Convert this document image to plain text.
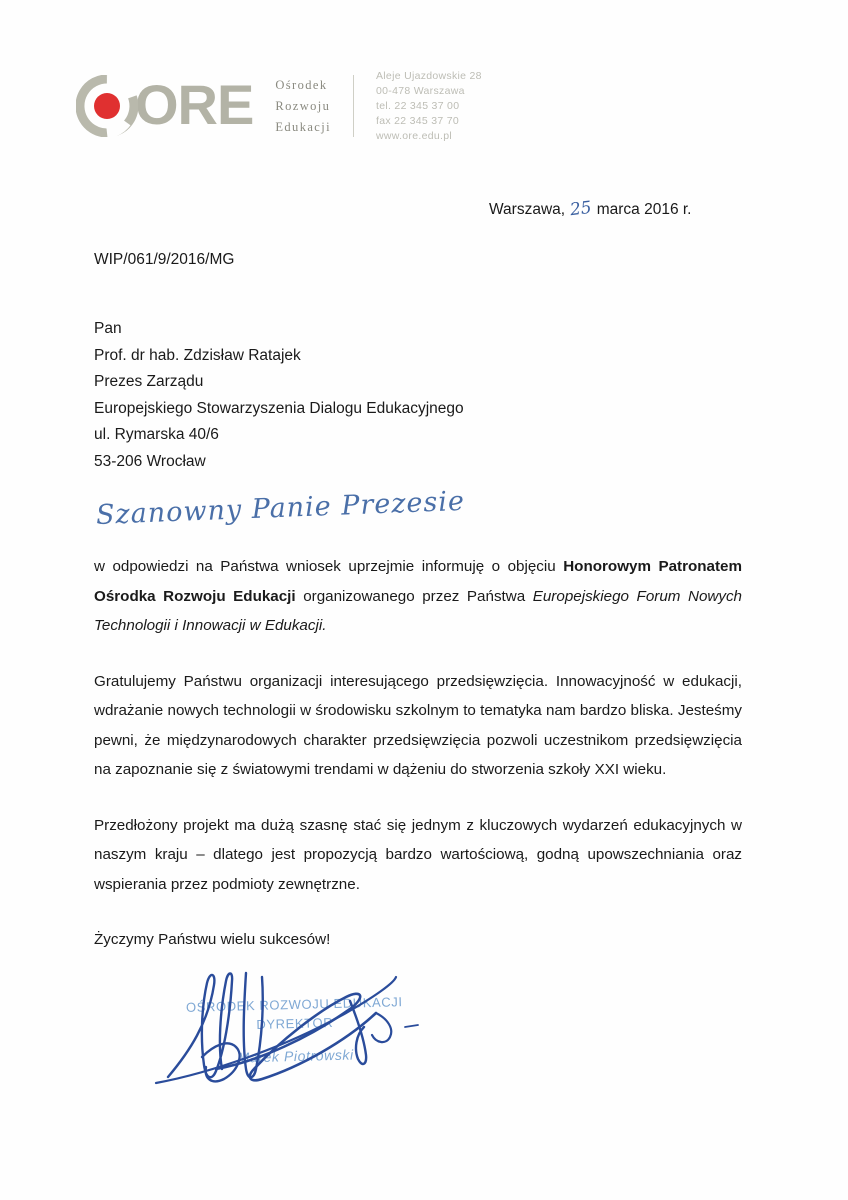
ORE Ośrodek
Rozwoju
Edukacji
Aleje Ujazdowskie 28
00-478 Warszawa
tel. 22 345 37 00
fax 22 345 37 70
www.ore.edu.pl
Warszawa, 25 marca 2016 r.
WIP/061/9/2016/MG
Pan
Prof. dr hab. Zdzisław Ratajek
Prezes Zarządu
Europejskiego Stowarzyszenia Dialogu Edukacyjnego
ul. Rymarska 40/6
53-206 Wrocław
Szanowny Panie Prezesie

w odpowiedzi na Państwa wniosek uprzejmie informuję o objęciu Honorowym Patronatem Ośrodka Rozwoju Edukacji organizowanego przez Państwa Europejskiego Forum Nowych Technologii i Innowacji w Edukacji.

Gratulujemy Państwu organizacji interesującego przedsięwzięcia. Innowacyjność w edukacji, wdrażanie nowych technologii w środowisku szkolnym to tematyka nam bardzo bliska. Jesteśmy pewni, że międzynarodowych charakter przedsięwzięcia pozwoli uczestnikom przedsięwzięcia na zapoznanie się z światowymi trendami w dążeniu do stworzenia szkoły XXI wieku.

Przedłożony projekt ma dużą szasnę stać się jednym z kluczowych wydarzeń edukacyjnych w naszym kraju – dlatego jest propozycją bardzo wartościową, godną upowszechniania oraz wspierania przez podmioty zewnętrzne.

Życzymy Państwu wielu sukcesów!

OŚRODEK ROZWOJU EDUKACJI
DYREKTOR
Marek Piotrowski
